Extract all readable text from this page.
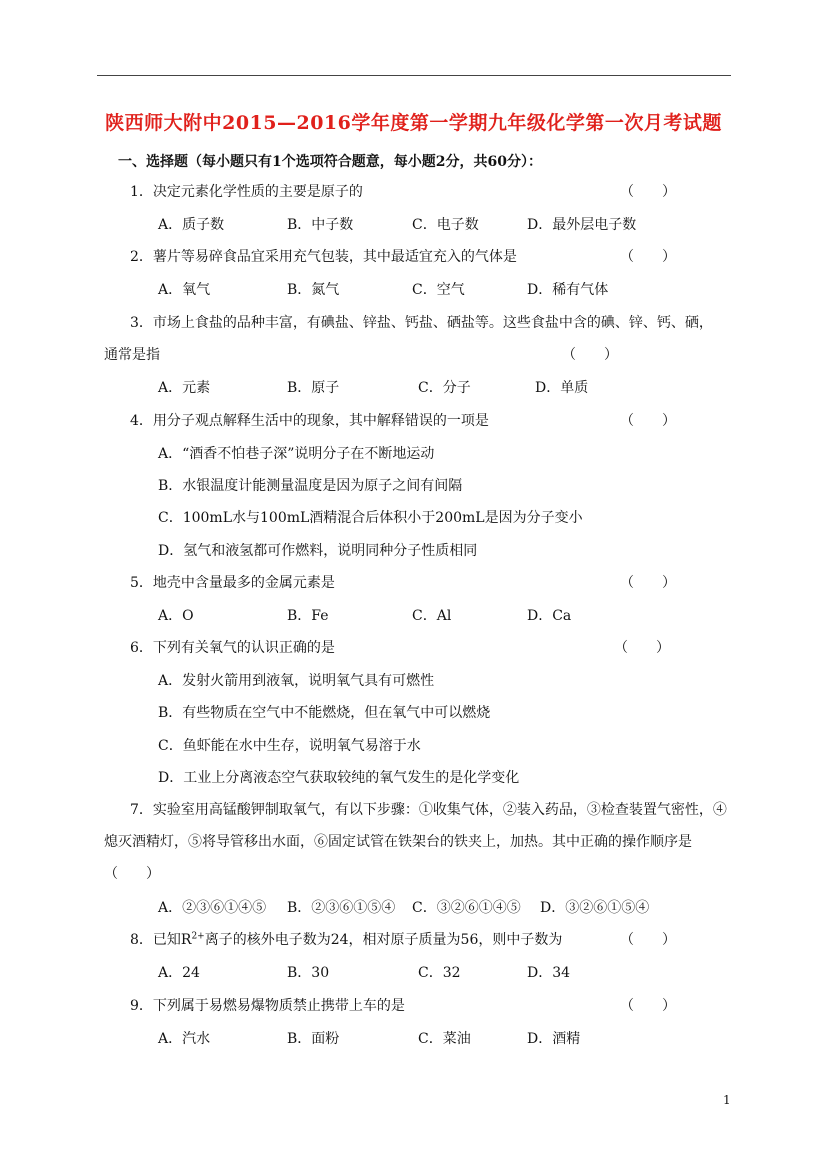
陕西师大附中2015—2016学年度第一学期九年级化学第一次月考试题
一、选择题（每小题只有1个选项符合题意，每小题2分，共60分）：
1．决定元素化学性质的主要是原子的	（　　）
A．质子数	B．中子数	C．电子数	D．最外层电子数
2．薯片等易碎食品宜采用充气包装，其中最适宜充入的气体是	（　　）
A．氧气	B．氮气	C．空气	D．稀有气体
3．市场上食盐的品种丰富，有碘盐、锌盐、钙盐、硒盐等。这些食盐中含的碘、锌、钙、硒，
通常是指	（　　）
A．元素	B．原子	C．分子	D．单质
4．用分子观点解释生活中的现象，其中解释错误的一项是	（　　）
A．“酒香不怕巷子深”说明分子在不断地运动
B．水银温度计能测量温度是因为原子之间有间隔
C．100mL水与100mL酒精混合后体积小于200mL是因为分子变小
D．氢气和液氢都可作燃料，说明同种分子性质相同
5．地壳中含量最多的金属元素是	（　　）
A．O	B．Fe	C．Al	D．Ca
6．下列有关氧气的认识正确的是	（　　）
A．发射火箭用到液氧，说明氧气具有可燃性
B．有些物质在空气中不能燃烧，但在氧气中可以燃烧
C．鱼虾能在水中生存，说明氧气易溶于水
D．工业上分离液态空气获取较纯的氧气发生的是化学变化
7．实验室用高锰酸钾制取氧气，有以下步骤：①收集气体，②装入药品，③检查装置气密性，④
熄灭酒精灯，⑤将导管移出水面，⑥固定试管在铁架台的铁夹上，加热。其中正确的操作顺序是
（　　）
A．②③⑥①④⑤ B．②③⑥①⑤④ C．③②⑥①④⑤ D．③②⑥①⑤④
8．已知$R^{2+}$离子的核外电子数为24，相对原子质量为56，则中子数为	（　　）
A．24	B．30	C．32	D．34
9．下列属于易燃易爆物质禁止携带上车的是	（　　）
A．汽水	B．面粉	C．菜油	D．酒精
1
